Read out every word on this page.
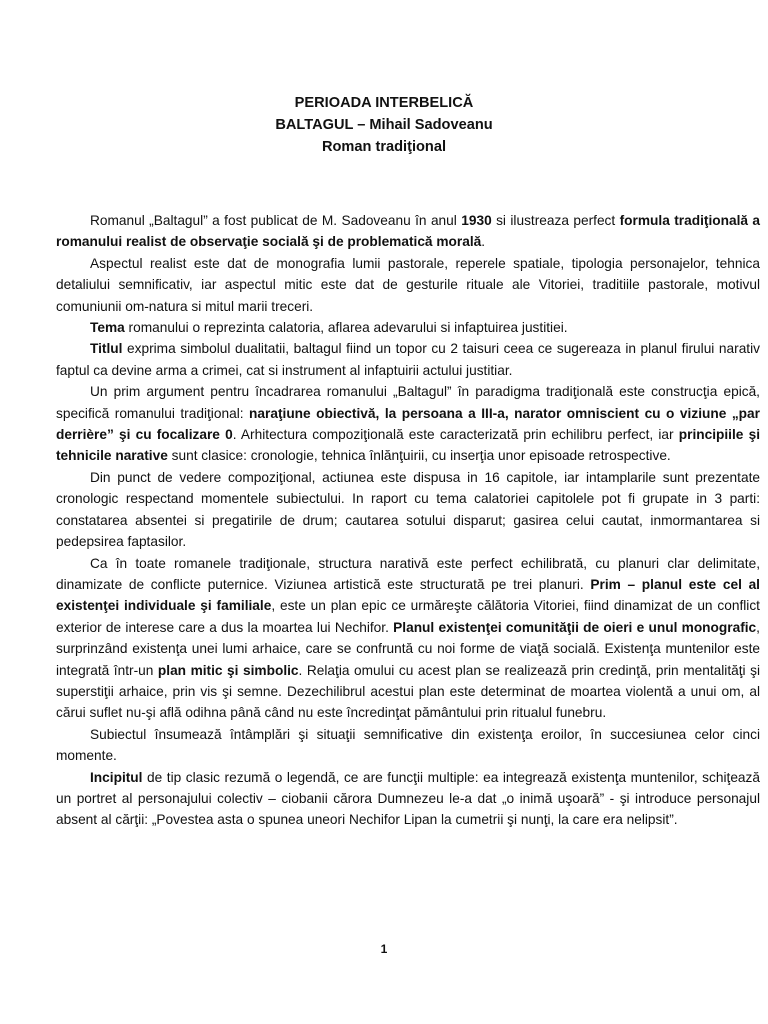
PERIOADA INTERBELICĂ
BALTAGUL – Mihail Sadoveanu
Roman tradiţional

Romanul „Baltagul” a fost publicat de M. Sadoveanu în anul 1930 si ilustreaza perfect formula tradiţională a romanului realist de observaţie socială şi de problematică morală.

Aspectul realist este dat de monografia lumii pastorale, reperele spatiale, tipologia personajelor, tehnica detaliului semnificativ, iar aspectul mitic este dat de gesturile rituale ale Vitoriei, traditiile pastorale, motivul comuniunii om-natura si mitul marii treceri.

Tema romanului o reprezinta calatoria, aflarea adevarului si infaptuirea justitiei.

Titlul exprima simbolul dualitatii, baltagul fiind un topor cu 2 taisuri ceea ce sugereaza in planul firului narativ faptul ca devine arma a crimei, cat si instrument al infaptuirii actului justitiar.

Un prim argument pentru încadrarea romanului „Baltagul” în paradigma tradiţională este construcţia epică, specifică romanului tradiţional: naraţiune obiectivă, la persoana a III-a, narator omniscient cu o viziune „par derrière” şi cu focalizare 0. Arhitectura compoziţională este caracterizată prin echilibru perfect, iar principiile şi tehnicile narative sunt clasice: cronologie, tehnica înlănţuirii, cu inserţia unor episoade retrospective.

Din punct de vedere compoziţional, actiunea este dispusa in 16 capitole, iar intamplarile sunt prezentate cronologic respectand momentele subiectului. In raport cu tema calatoriei capitolele pot fi grupate in 3 parti: constatarea absentei si pregatirile de drum; cautarea sotului disparut; gasirea celui cautat, inmormantarea si pedepsirea faptasilor.

Ca în toate romanele tradiţionale, structura narativă este perfect echilibrată, cu planuri clar delimitate, dinamizate de conflicte puternice. Viziunea artistică este structurată pe trei planuri. Prim – planul este cel al existenţei individuale şi familiale, este un plan epic ce urmăreşte călătoria Vitoriei, fiind dinamizat de un conflict exterior de interese care a dus la moartea lui Nechifor. Planul existenţei comunităţii de oieri e unul monografic, surprinzând existenţa unei lumi arhaice, care se confruntă cu noi forme de viaţă socială. Existenţa muntenilor este integrată într-un plan mitic şi simbolic. Relaţia omului cu acest plan se realizează prin credinţă, prin mentalităţi şi superstiţii arhaice, prin vis şi semne. Dezechilibrul acestui plan este determinat de moartea violentă a unui om, al cărui suflet nu-şi află odihna până când nu este încredinţat pământului prin ritualul funebru.

Subiectul însumează întâmplări şi situaţii semnificative din existenţa eroilor, în succesiunea celor cinci momente.

Incipitul de tip clasic rezumă o legendă, ce are funcţii multiple: ea integrează existenţa muntenilor, schiţează un portret al personajului colectiv – ciobanii cărora Dumnezeu le-a dat „o inimă uşoară” - şi introduce personajul absent al cărţii: „Povestea asta o spunea uneori Nechifor Lipan la cumetrii şi nunţi, la care era nelipsit”.

1
